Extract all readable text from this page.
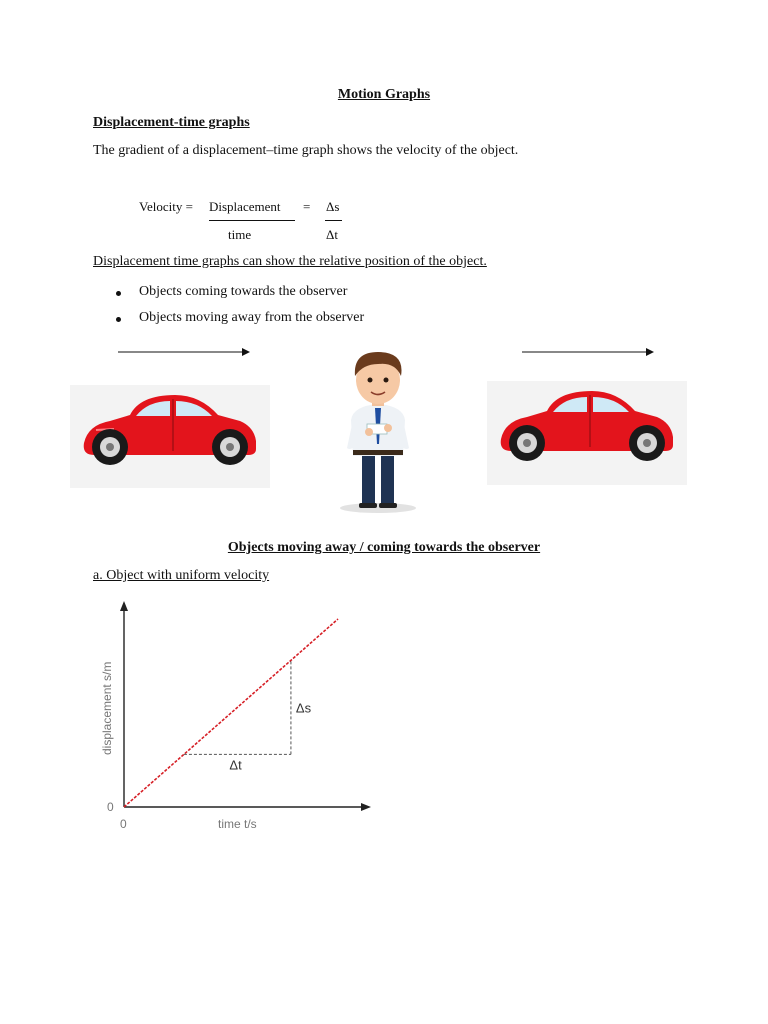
Motion Graphs
Displacement-time graphs
The gradient of a displacement–time graph shows the velocity of the object.
Velocity = Displacement
time
= Δs
Δt
Displacement time graphs can show the relative position of the object.
Objects coming towards the observer
Objects moving away from the observer
Objects moving away / coming towards the observer
a. Object with uniform velocity
Δt
Δs
displacement s/m
time t/s
0
0
